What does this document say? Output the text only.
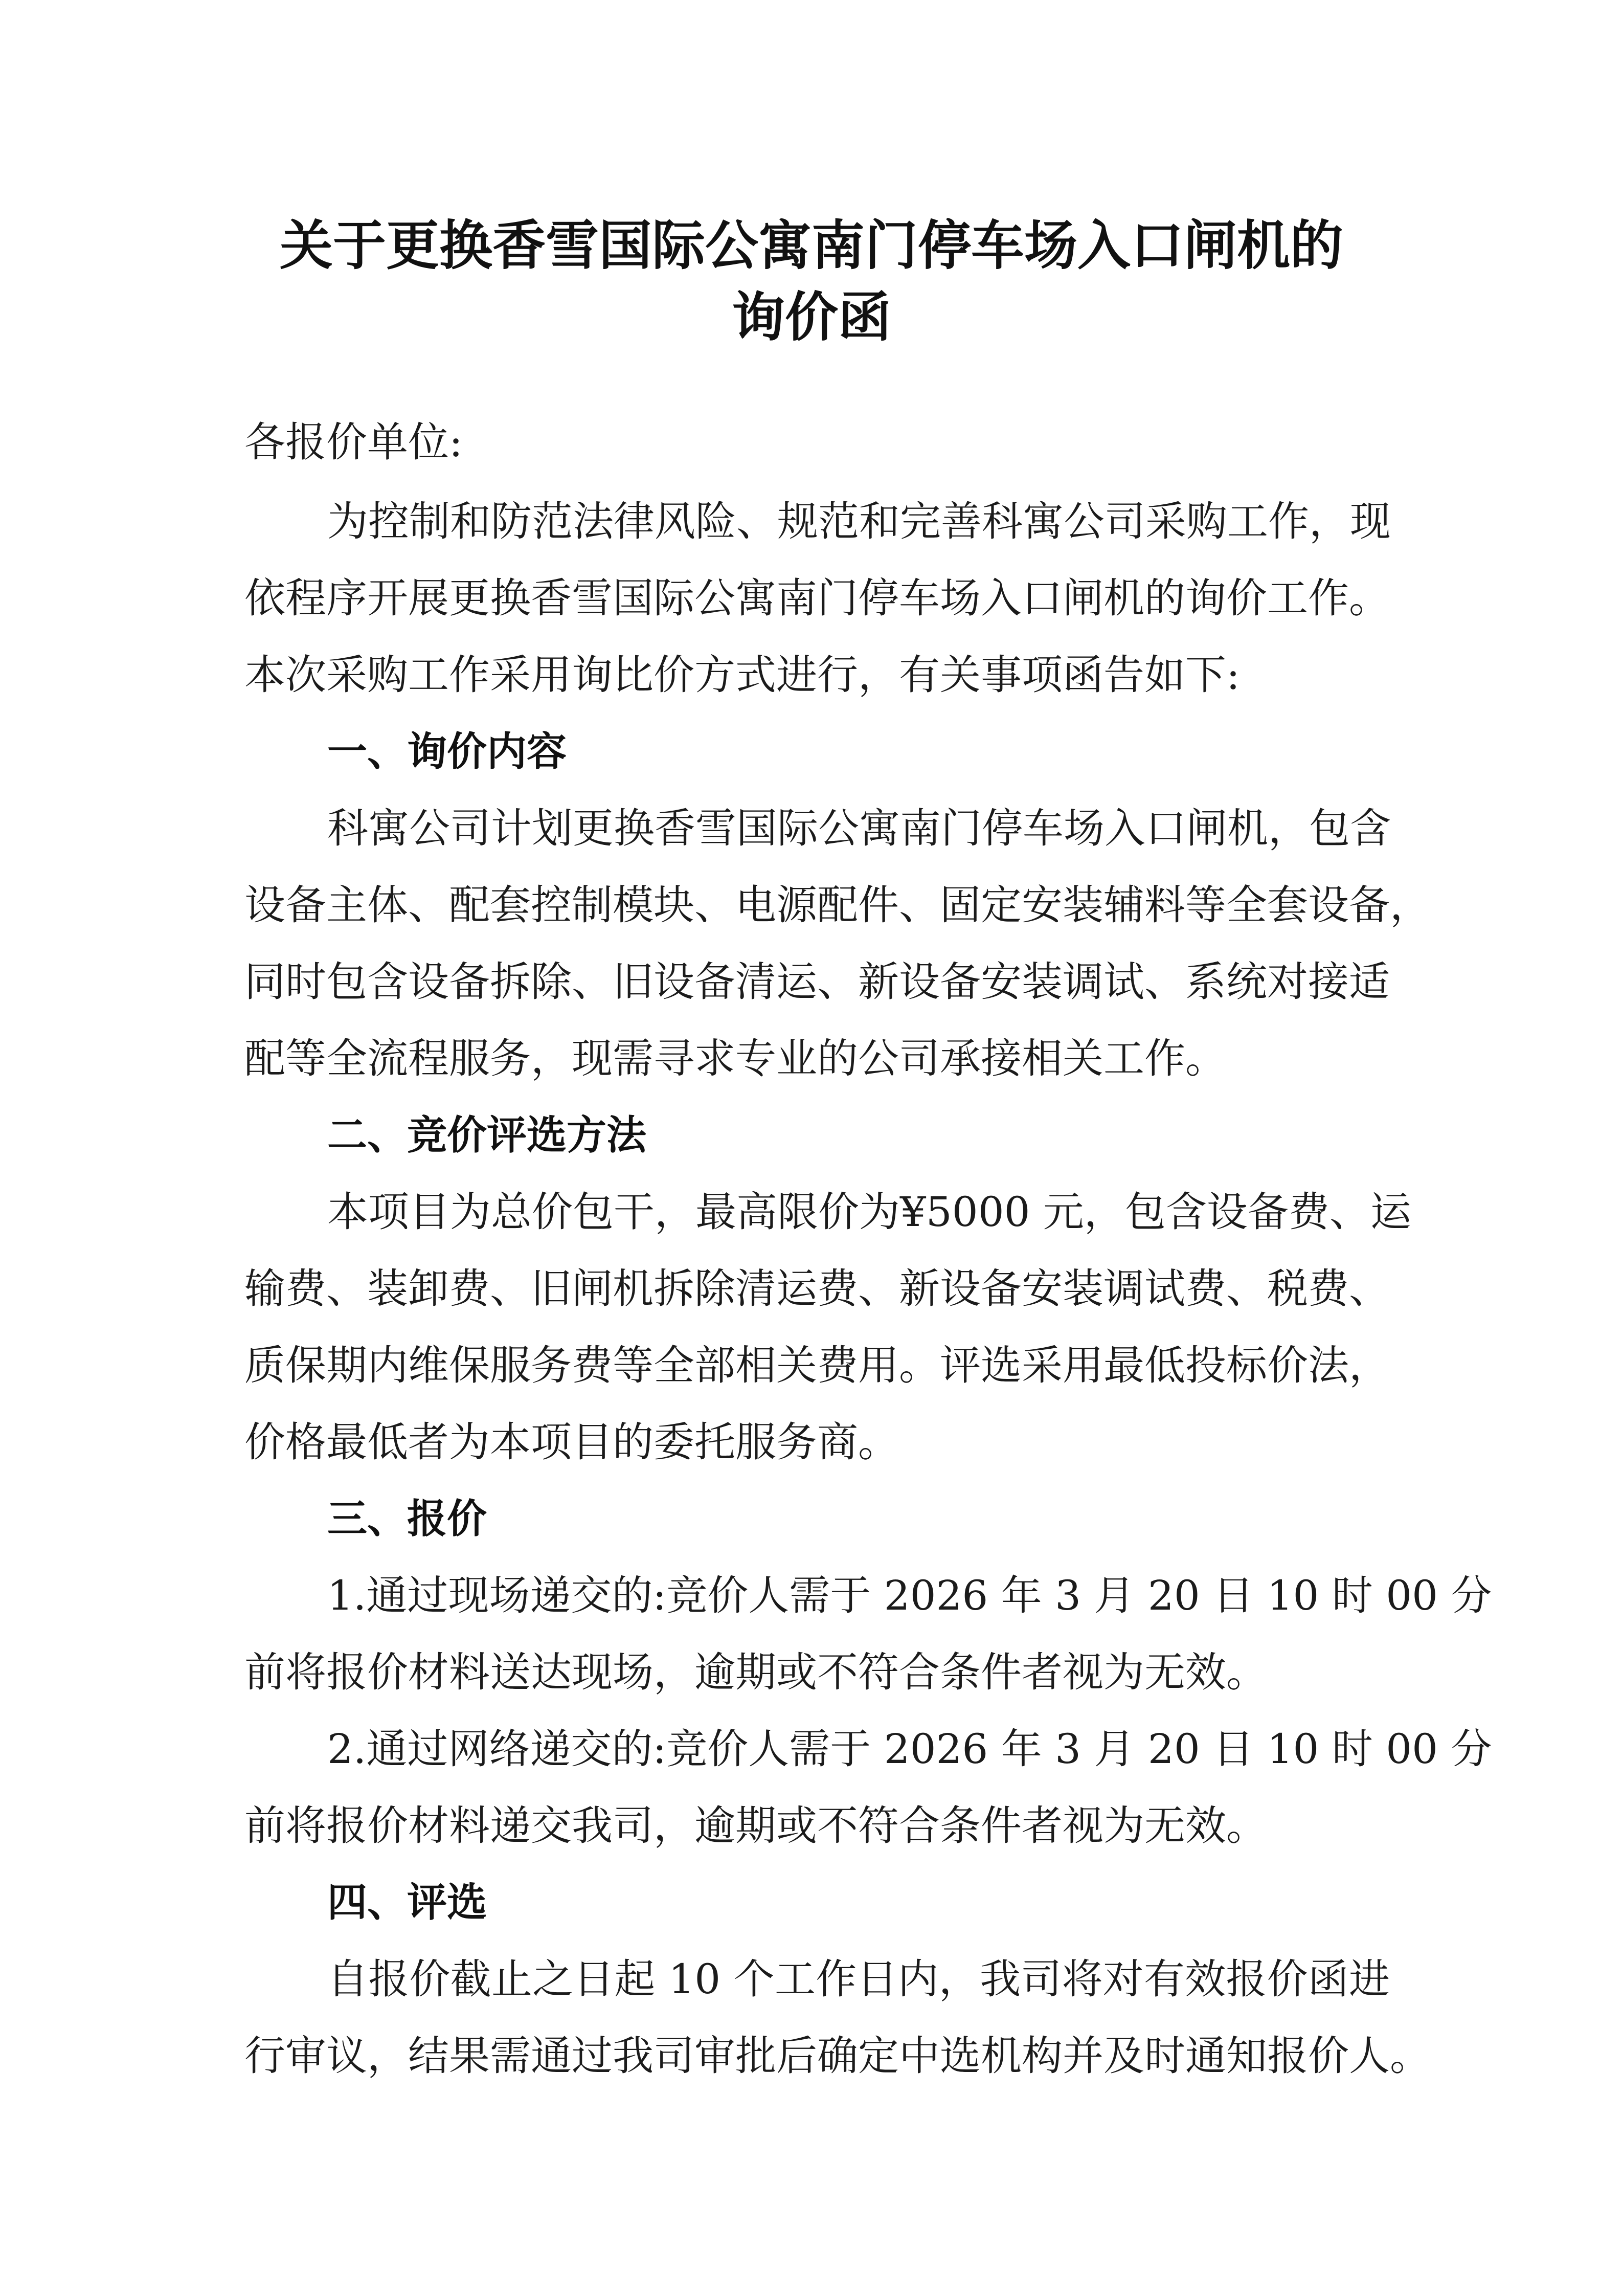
关于更换香雪国际公寓南门停车场入口闸机的
询价函

各报价单位:

为控制和防范法律风险、规范和完善科寓公司采购工作，现

依程序开展更换香雪国际公寓南门停车场入口闸机的询价工作。

本次采购工作采用询比价方式进行，有关事项函告如下:

一、询价内容

科寓公司计划更换香雪国际公寓南门停车场入口闸机，包含

设备主体、配套控制模块、电源配件、固定安装辅料等全套设备，

同时包含设备拆除、旧设备清运、新设备安装调试、系统对接适

配等全流程服务，现需寻求专业的公司承接相关工作。

二、竞价评选方法

本项目为总价包干，最高限价为¥5000 元，包含设备费、运

输费、装卸费、旧闸机拆除清运费、新设备安装调试费、税费、

质保期内维保服务费等全部相关费用。评选采用最低投标价法，

价格最低者为本项目的委托服务商。

三、报价

1.通过现场递交的:竞价人需于 2026 年 3 月 20 日 10 时 00 分

前将报价材料送达现场，逾期或不符合条件者视为无效。

2.通过网络递交的:竞价人需于 2026 年 3 月 20 日 10 时 00 分

前将报价材料递交我司，逾期或不符合条件者视为无效。

四、评选

自报价截止之日起 10 个工作日内，我司将对有效报价函进

行审议，结果需通过我司审批后确定中选机构并及时通知报价人。
